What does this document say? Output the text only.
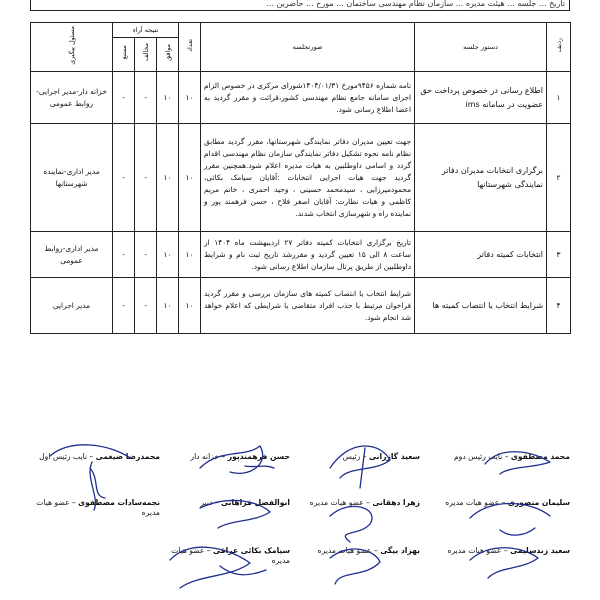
تاریخ ... جلسه ... هیئت مدیره ... سازمان نظام مهندسی ساختمان ... مورخ ... حاضرین ...
ردیف	دستور جلسه	صورتجلسه	تعداد	نتیجه آراء			مسئول پیگیری
				موافق	مخالف	ممتنع	
۱	اطلاع رسانی در خصوص پرداخت حق عضویت در سامانه ims	نامه شماره ۹۴۵۶مورخ ۱۴۰۴/۰۱/۳۱شورای مرکزی در خصوص الزام اجرای سامانه جامع نظام مهندسی کشور،قرائت و مقرر گردید به اعضا اطلاع رسانی شود.	۱۰	۱۰	-	-	خزانه دار-مدیر اجرایی-روابط عمومی
۲	برگزاری انتخابات مدیران دفاتر نمایندگی شهرستانها	جهت تعیین مدیران دفاتر نمایندگی شهرستانها، مقرر گردید مطابق نظام نامه نحوه تشکیل دفاتر نمایندگی سازمان نظام مهندسی اقدام گردد و اسامی داوطلبین به هیات مدیره اعلام شود.همچنین مقرر گردید جهت هیات اجرایی انتخابات :آقایان سیامک بکائی، محمودمیرزایی ، سیدمحمد حسینی ، وحید احمری ، خانم مریم کاظمی و هیات نظارت: آقایان اصغر فلاح ، حسن فرهمند پور و نماینده راه و شهرسازی انتخاب شدند.	۱۰	۱۰	-	-	مدیر اداری-نماینده شهرستانها
۳	انتخابات کمیته دفاتر	تاریخ برگزاری انتخابات کمیته دفاتر ۲۷ اردیبهشت ماه ۱۴۰۴ از ساعت ۸ الی ۱۵ تعیین گردید و مقررشد تاریخ ثبت نام و شرایط داوطلبین از طریق پرتال سازمان اطلاع رسانی شود.	۱۰	۱۰	-	-	مدیر اداری-روابط عمومی
۴	شرایط انتخاب یا انتصاب کمیته ها	شرایط انتخاب یا انتصاب کمیته های سازمان بررسی و مقرر گردید فراخوان مرتبط با جذب افراد متقاضی با شرایطی که اعلام خواهد شد انجام شود.	۱۰	۱۰	-	-	مدیر اجرایی
محمد مصطفوی – نایب رئیس دوم
سعید گازرانی – رئیس
حسن فرهمندپور – خزانه دار
محمدرضا ضیغمی – نایب رئیس اول
سلیمان منصوری – عضو هیات مدیره
زهرا دهقانی – عضو هیات مدیره
ابوالفضل فراهانی – دبیر
نجمه‌سادات مصطفوی – عضو هیات مدیره
سعید زندسلیمی – عضو هیات مدیره
بهزاد بیگی – عضو هیات مدیره
سیامک بکائی عراقی – عضو هیات مدیره
